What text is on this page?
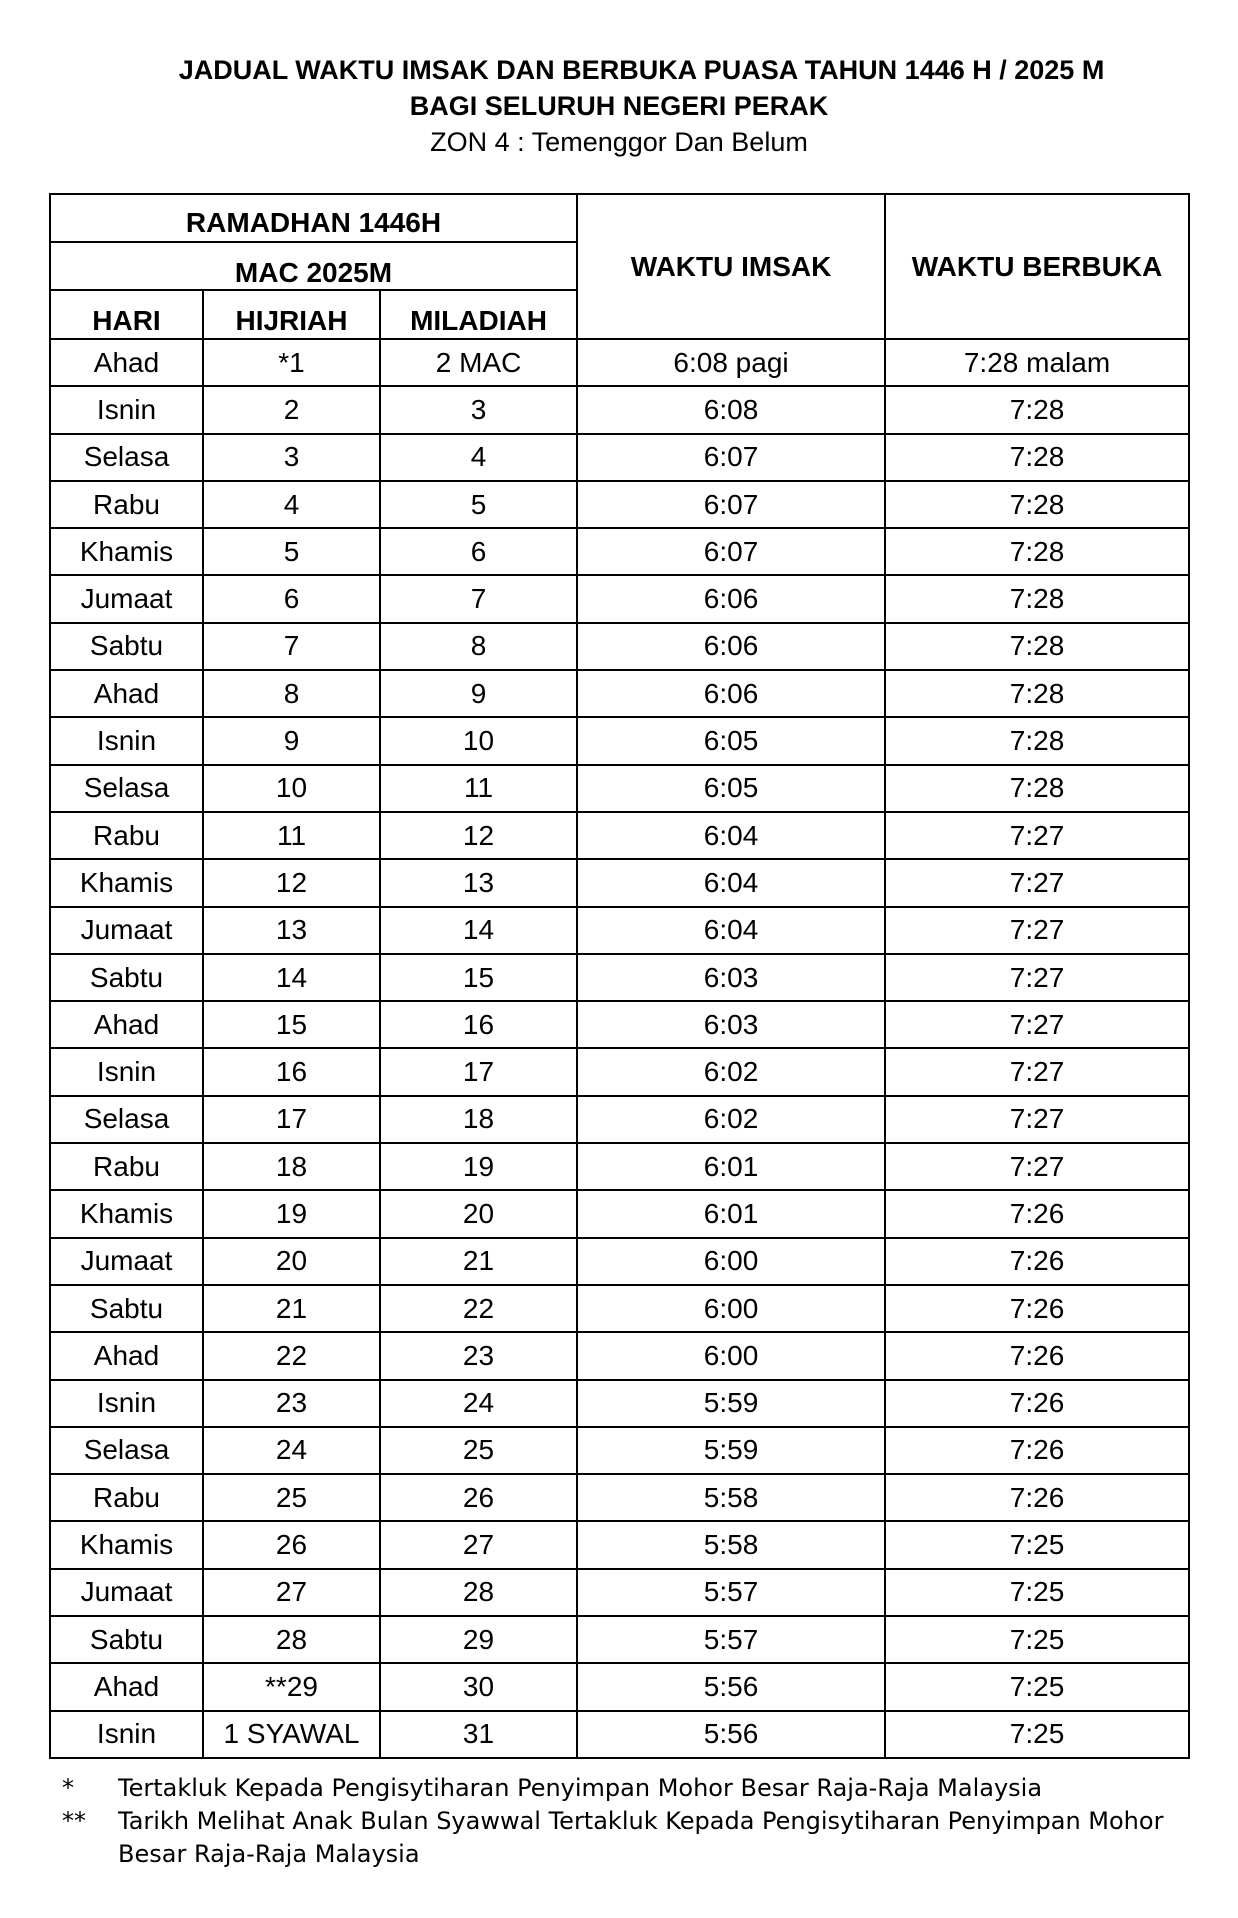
JADUAL WAKTU IMSAK DAN BERBUKA PUASA TAHUN 1446 H / 2025 M
BAGI SELURUH NEGERI PERAK
ZON 4 : Temenggor Dan Belum
RAMADHAN 1446H			WAKTU IMSAK	WAKTU BERBUKA
MAC 2025M				
HARI	HIJRIAH	MILADIAH		
Ahad	*1	2 MAC	6:08 pagi	7:28 malam
Isnin	2	3	6:08	7:28
Selasa	3	4	6:07	7:28
Rabu	4	5	6:07	7:28
Khamis	5	6	6:07	7:28
Jumaat	6	7	6:06	7:28
Sabtu	7	8	6:06	7:28
Ahad	8	9	6:06	7:28
Isnin	9	10	6:05	7:28
Selasa	10	11	6:05	7:28
Rabu	11	12	6:04	7:27
Khamis	12	13	6:04	7:27
Jumaat	13	14	6:04	7:27
Sabtu	14	15	6:03	7:27
Ahad	15	16	6:03	7:27
Isnin	16	17	6:02	7:27
Selasa	17	18	6:02	7:27
Rabu	18	19	6:01	7:27
Khamis	19	20	6:01	7:26
Jumaat	20	21	6:00	7:26
Sabtu	21	22	6:00	7:26
Ahad	22	23	6:00	7:26
Isnin	23	24	5:59	7:26
Selasa	24	25	5:59	7:26
Rabu	25	26	5:58	7:26
Khamis	26	27	5:58	7:25
Jumaat	27	28	5:57	7:25
Sabtu	28	29	5:57	7:25
Ahad	**29	30	5:56	7:25
Isnin	1 SYAWAL	31	5:56	7:25
*	Tertakluk Kepada Pengisytiharan Penyimpan Mohor Besar Raja-Raja Malaysia
**	Tarikh Melihat Anak Bulan Syawwal Tertakluk Kepada Pengisytiharan Penyimpan Mohor Besar Raja-Raja Malaysia
